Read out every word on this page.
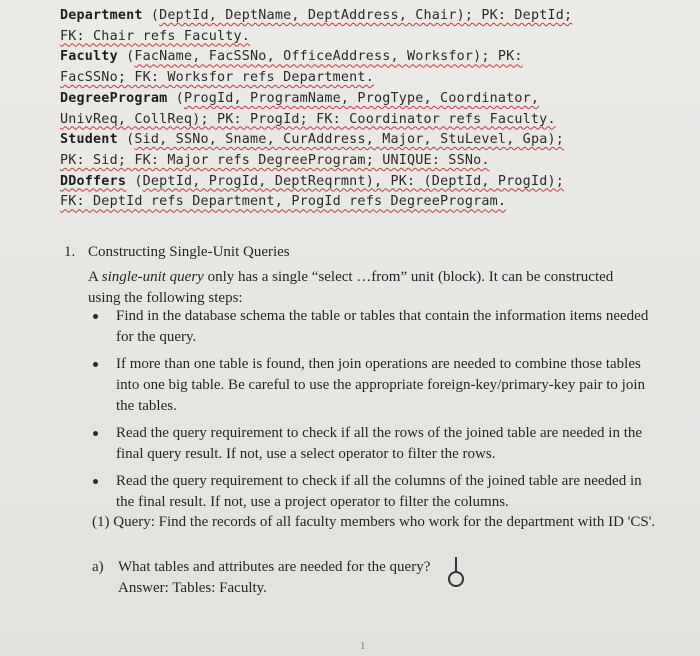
Department (DeptId, DeptName, DeptAddress, Chair); PK: DeptId;
FK: Chair refs Faculty.
Faculty (FacName, FacSSNo, OfficeAddress, Worksfor); PK:
FacSSNo; FK: Worksfor refs Department.
DegreeProgram (ProgId, ProgramName, ProgType, Coordinator,
UnivReq, CollReq); PK: ProgId; FK: Coordinator refs Faculty.
Student (Sid, SSNo, Sname, CurAddress, Major, StuLevel, Gpa);
PK: Sid; FK: Major refs DegreeProgram; UNIQUE: SSNo.
DDoffers (DeptId, ProgId, DeptReqrmnt), PK: (DeptId, ProgId);
FK: DeptId refs Department, ProgId refs DegreeProgram.
1. Constructing Single-Unit Queries
A single-unit query only has a single “select …from” unit (block). It can be constructed using the following steps:
Find in the database schema the table or tables that contain the information items needed for the query.
If more than one table is found, then join operations are needed to combine those tables into one big table. Be careful to use the appropriate foreign-key/primary-key pair to join the tables.
Read the query requirement to check if all the rows of the joined table are needed in the final query result. If not, use a select operator to filter the rows.
Read the query requirement to check if all the columns of the joined table are needed in the final result. If not, use a project operator to filter the columns.
(1) Query: Find the records of all faculty members who work for the department with ID 'CS'.
a) What tables and attributes are needed for the query?
Answer: Tables: Faculty.
1
